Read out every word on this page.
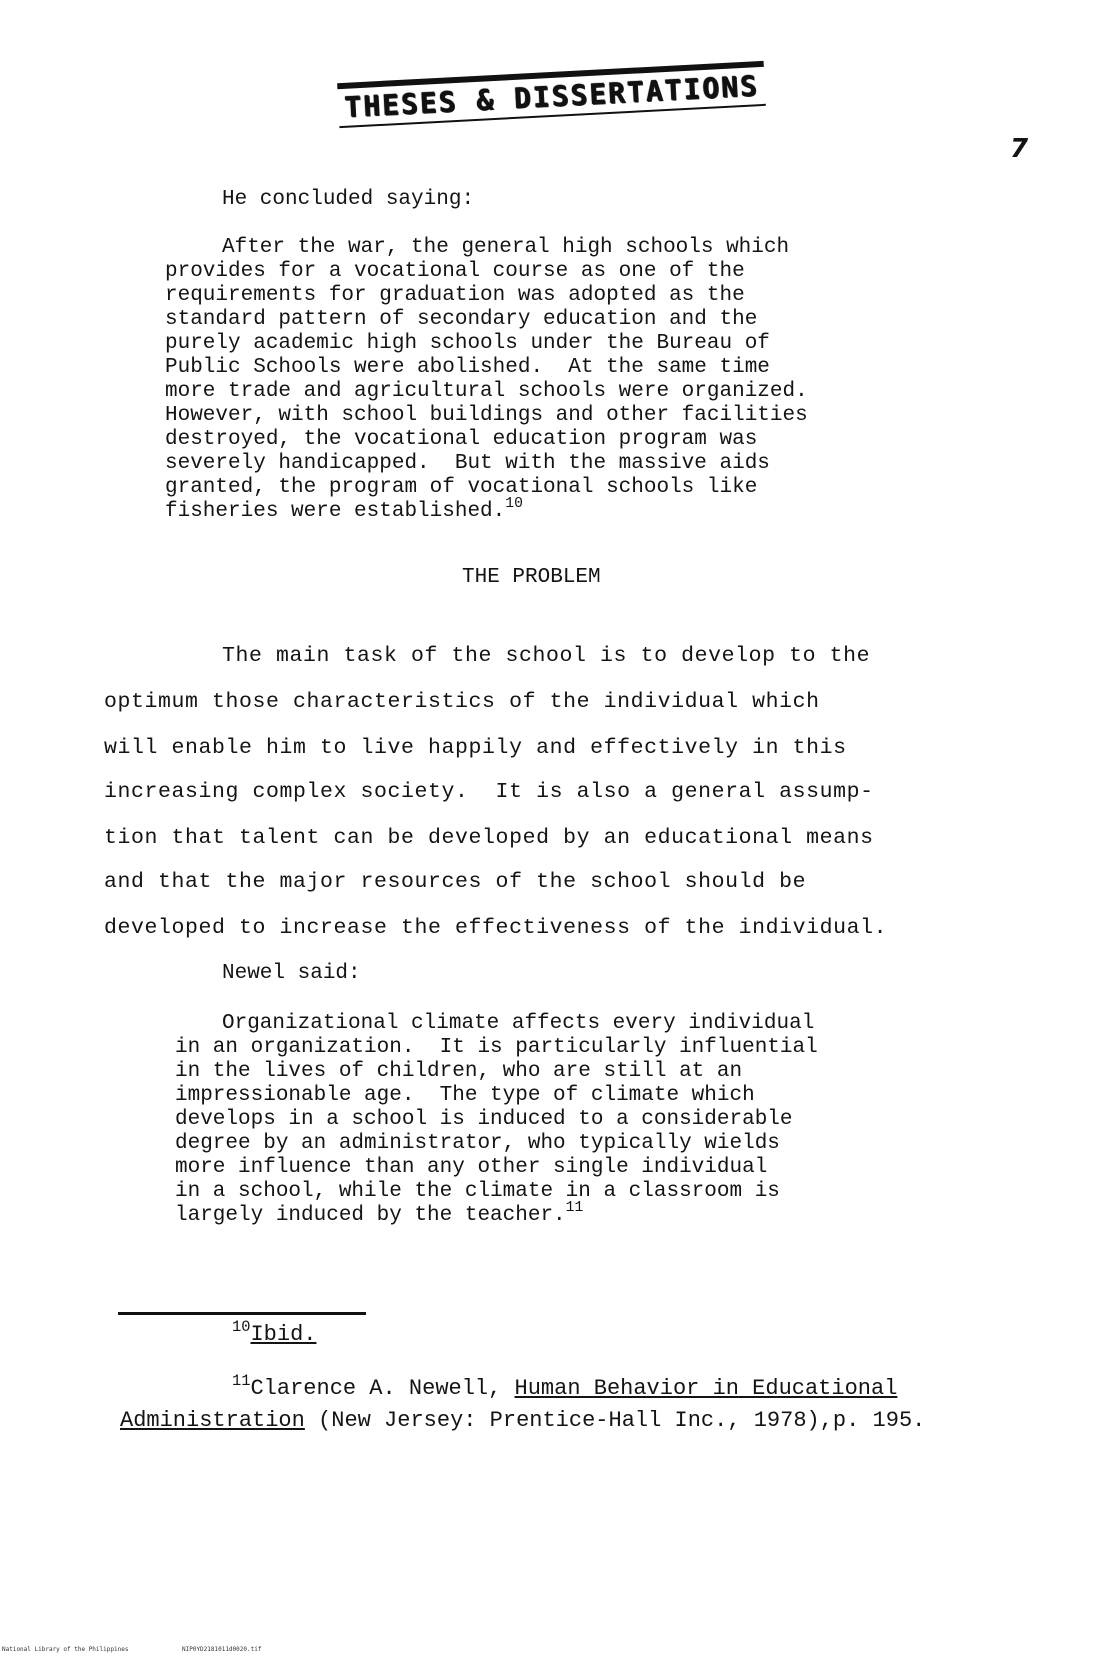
THESES & DISSERTATIONS
7

He concluded saying:

After the war, the general high schools which

provides for a vocational course as one of the

requirements for graduation was adopted as the

standard pattern of secondary education and the

purely academic high schools under the Bureau of

Public Schools were abolished.  At the same time

more trade and agricultural schools were organized.

However, with school buildings and other facilities

destroyed, the vocational education program was

severely handicapped.  But with the massive aids

granted, the program of vocational schools like

fisheries were established.$^{10}$

THE PROBLEM

The main task of the school is to develop to the

optimum those characteristics of the individual which

will enable him to live happily and effectively in this

increasing complex society.  It is also a general assump-

tion that talent can be developed by an educational means

and that the major resources of the school should be

developed to increase the effectiveness of the individual.

Newel said:

Organizational climate affects every individual

in an organization.  It is particularly influential

in the lives of children, who are still at an

impressionable age.  The type of climate which

develops in a school is induced to a considerable

degree by an administrator, who typically wields

more influence than any other single individual

in a school, while the climate in a classroom is

largely induced by the teacher.$^{11}$

$^{10}$Ibid.

$^{11}$Clarence A. Newell, Human Behavior in Educational

Administration (New Jersey: Prentice-Hall Inc., 1978),p. 195.

National Library of the Philippines	NIP0YD2181011d0020.tif
